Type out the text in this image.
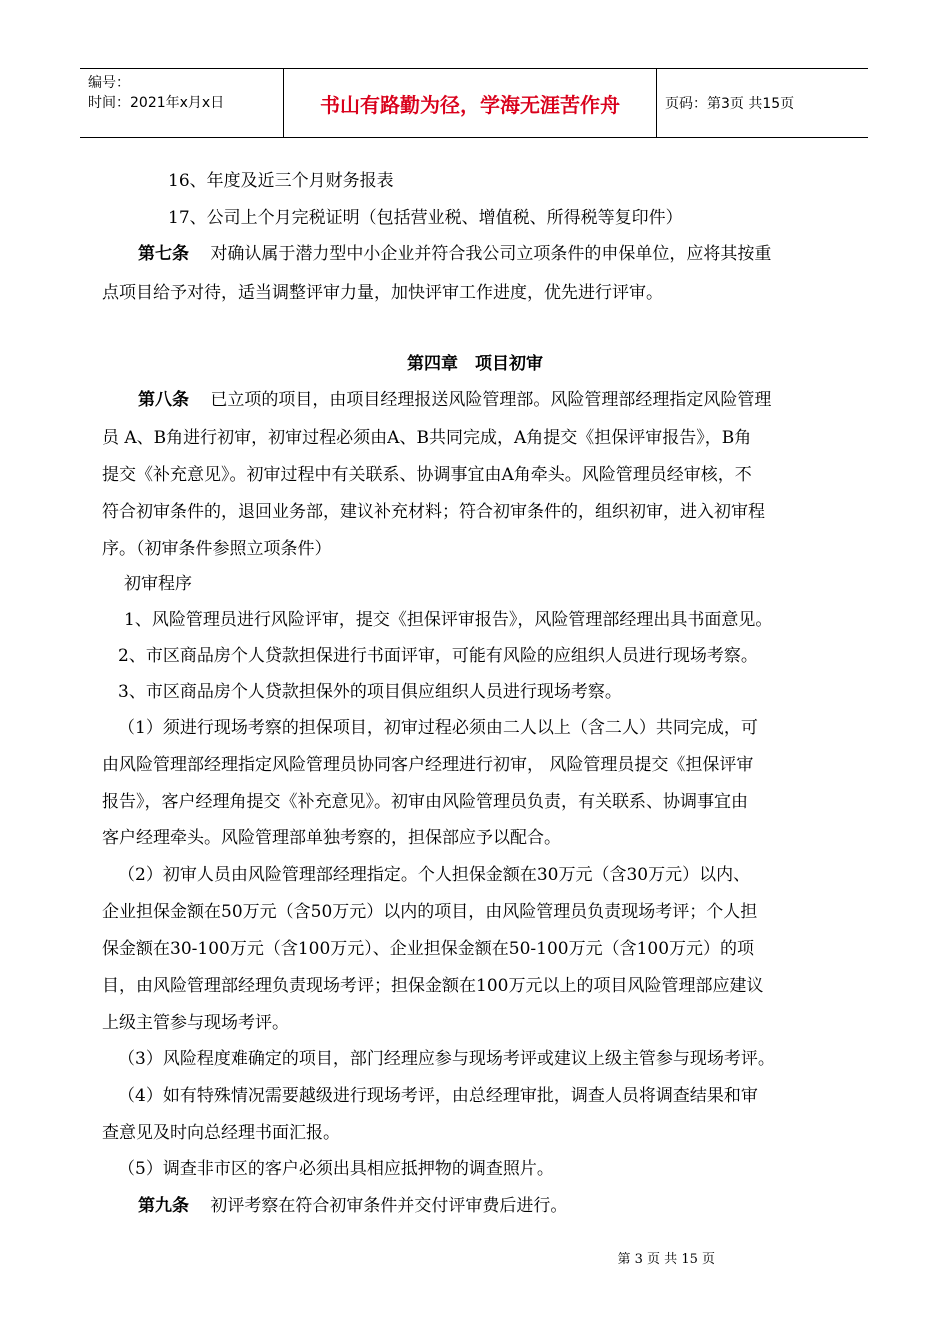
编号：
时间：2021年x月x日	书山有路勤为径，学海无涯苦作舟	页码：第3页 共15页
16、年度及近三个月财务报表
17、公司上个月完税证明（包括营业税、增值税、所得税等复印件）
第七条 对确认属于潜力型中小企业并符合我公司立项条件的申保单位，应将其按重
点项目给予对待，适当调整评审力量，加快评审工作进度，优先进行评审。
第四章　项目初审
第八条 已立项的项目，由项目经理报送风险管理部。风险管理部经理指定风险管理
员 A、B角进行初审，初审过程必须由A、B共同完成，A角提交《担保评审报告》，B角
提交《补充意见》。初审过程中有关联系、协调事宜由A角牵头。风险管理员经审核，不
符合初审条件的，退回业务部，建议补充材料；符合初审条件的，组织初审，进入初审程
序。（初审条件参照立项条件）
初审程序
1、风险管理员进行风险评审，提交《担保评审报告》，风险管理部经理出具书面意见。
2、市区商品房个人贷款担保进行书面评审，可能有风险的应组织人员进行现场考察。
3、市区商品房个人贷款担保外的项目俱应组织人员进行现场考察。
（1）须进行现场考察的担保项目，初审过程必须由二人以上（含二人）共同完成，可
由风险管理部经理指定风险管理员协同客户经理进行初审， 风险管理员提交《担保评审
报告》，客户经理角提交《补充意见》。初审由风险管理员负责，有关联系、协调事宜由
客户经理牵头。风险管理部单独考察的，担保部应予以配合。
（2）初审人员由风险管理部经理指定。个人担保金额在30万元（含30万元）以内、
企业担保金额在50万元（含50万元）以内的项目，由风险管理员负责现场考评；个人担
保金额在30-100万元（含100万元）、企业担保金额在50-100万元（含100万元）的项
目，由风险管理部经理负责现场考评；担保金额在100万元以上的项目风险管理部应建议
上级主管参与现场考评。
（3）风险程度难确定的项目，部门经理应参与现场考评或建议上级主管参与现场考评。
（4）如有特殊情况需要越级进行现场考评，由总经理审批，调查人员将调查结果和审
查意见及时向总经理书面汇报。
（5）调查非市区的客户必须出具相应抵押物的调查照片。
第九条 初评考察在符合初审条件并交付评审费后进行。
第 3 页 共 15 页
